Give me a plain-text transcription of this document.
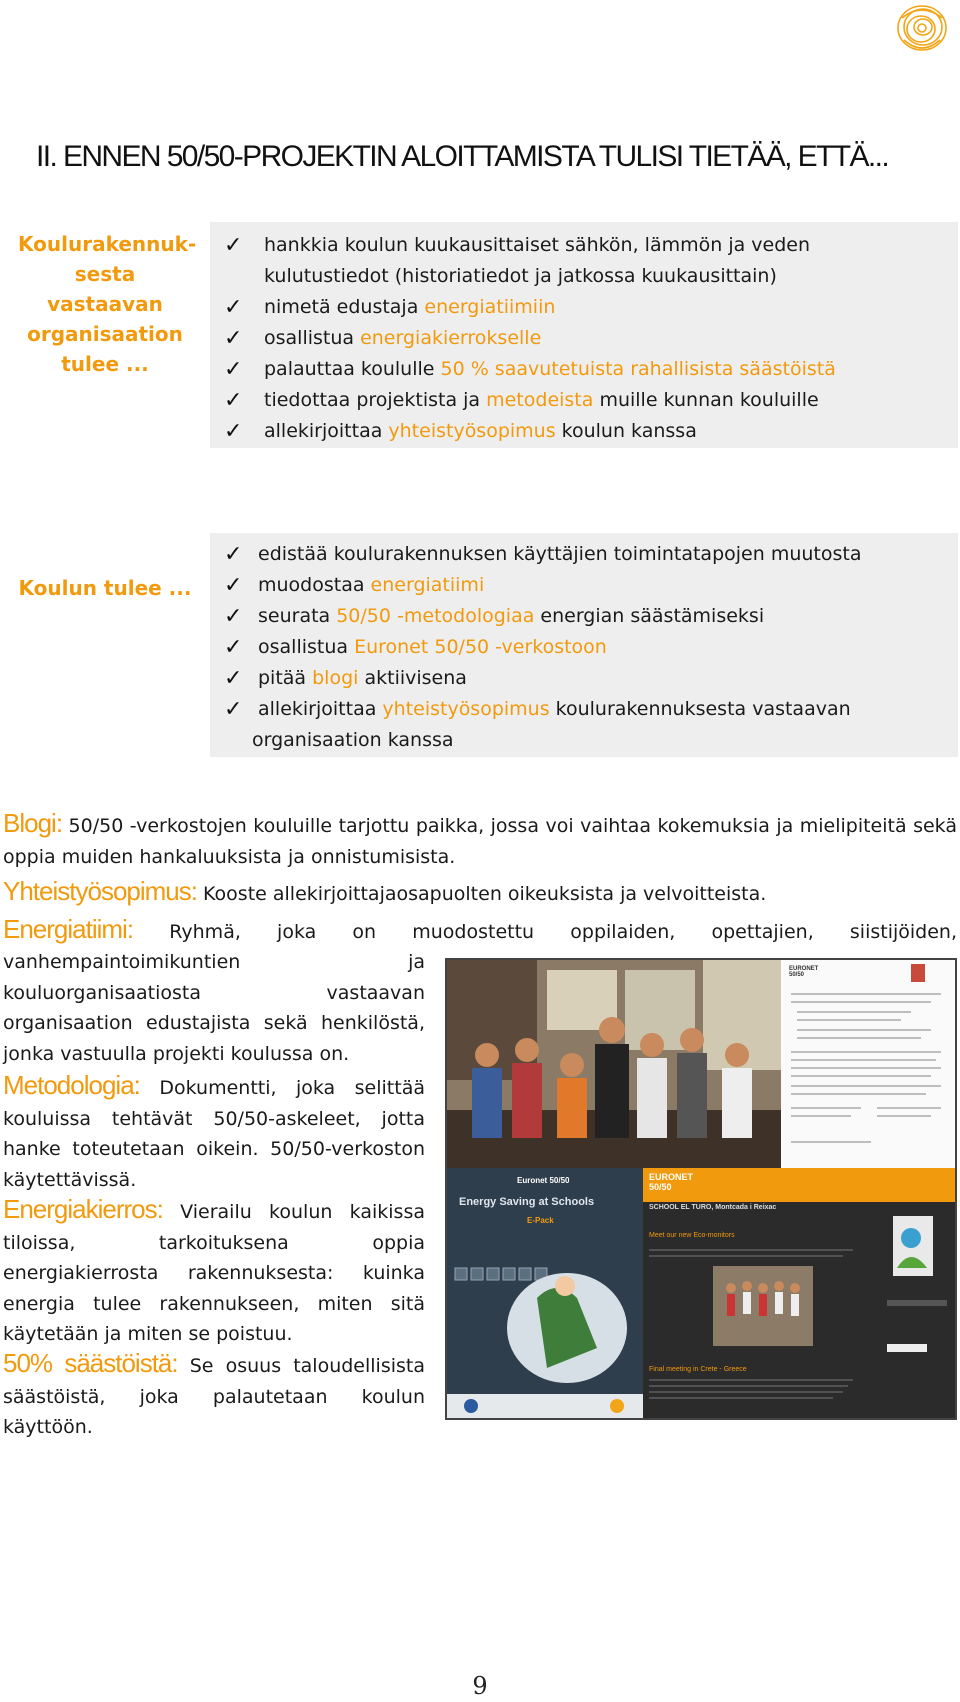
II. ENNEN 50/50-PROJEKTIN ALOITTAMISTA TULISI TIETÄÄ, ETTÄ...
Koulurakennuk-
sesta vastaavan
organisaation
tulee ...
✓ hankkia koulun kuukausittaiset sähkön, lämmön ja veden
kulutustiedot (historiatiedot ja jatkossa kuukausittain)
✓ nimetä edustaja energiatiimiin
✓ osallistua energiakierrokselle
✓ palauttaa koululle 50 % saavutetuista rahallisista säästöistä
✓ tiedottaa projektista ja metodeista muille kunnan kouluille
✓ allekirjoittaa yhteistyösopimus koulun kanssa
Koulun tulee ...
✓ edistää koulurakennuksen käyttäjien toimintatapojen muutosta
✓ muodostaa energiatiimi
✓ seurata 50/50 -metodologiaa energian säästämiseksi
✓ osallistua Euronet 50/50 -verkostoon
✓ pitää blogi aktiivisena
✓ allekirjoittaa yhteistyösopimus koulurakennuksesta vastaavan
organisaation kanssa
Blogi: 50/50 -verkostojen kouluille tarjottu paikka, jossa voi vaihtaa kokemuksia ja mielipiteitä sekä oppia muiden hankaluuksista ja onnistumisista.
Yhteistyösopimus: Kooste allekirjoittajaosapuolten oikeuksista ja velvoitteista.
Energiatiimi: Ryhmä, joka on muodostettu oppilaiden, opettajien, siistijöiden,
vanhempaintoimikuntien ja kouluorganisaatiosta vastaavan organisaation edustajista sekä henkilöstä, jonka vastuulla projekti koulussa on.
Metodologia: Dokumentti, joka selittää kouluissa tehtävät 50/50-askeleet, jotta hanke toteutetaan oikein. 50/50-verkoston käytettävissä.
Energiakierros: Vierailu koulun kaikissa tiloissa, tarkoituksena oppia energiakierrosta rakennuksesta: kuinka energia tulee rakennukseen, miten sitä käytetään ja miten se poistuu.
50% säästöistä: Se osuus taloudellisista säästöistä, joka palautetaan koulun käyttöön.
EURONET
50/50
Euronet 50/50
Energy Saving at Schools
E-Pack
EURONET
50/50
SCHOOL EL TURO, Montcada i Reixac
Meet our new Eco-monitors
Final meeting in Crete - Greece
9
